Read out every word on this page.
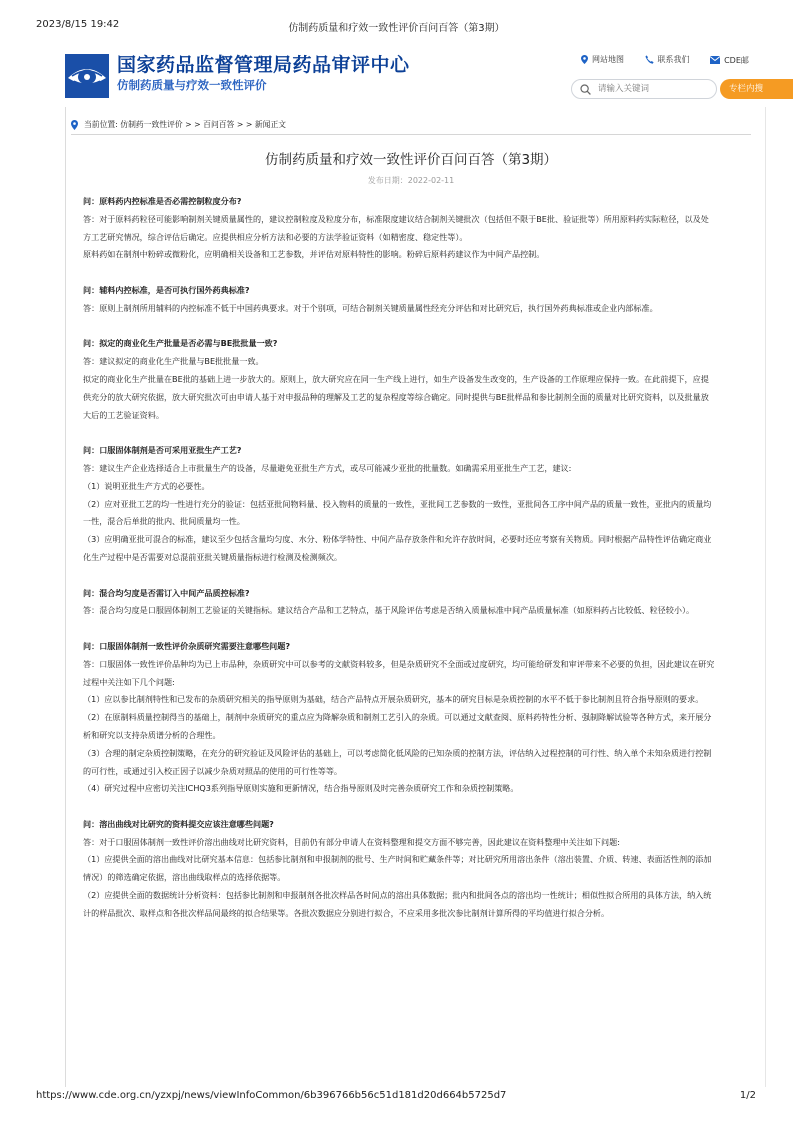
2023/8/15 19:42	仿制药质量和疗效一致性评价百问百答（第3期）
国家药品监督管理局药品审评中心
仿制药质量与疗效一致性评价
网站地图
	联系我们
	CDE邮
请输入关键词
专栏内搜
当前位置: 仿制药一致性评价 > > 百问百答 > > 新闻正文
仿制药质量和疗效一致性评价百问百答（第3期）
发布日期：2022-02-11

问：原料药内控标准是否必需控制粒度分布?

答：对于原料药粒径可能影响制剂关键质量属性的，建议控制粒度及粒度分布，标准限度建议结合制剂关键批次（包括但不限于BE批、验证批等）所用原料药实际粒径，以及处方工艺研究情况，综合评估后确定。应提供相应分析方法和必要的方法学验证资料（如精密度、稳定性等）。

原料药如在制剂中粉碎或微粉化，应明确相关设备和工艺参数，并评估对原料特性的影响。粉碎后原料药建议作为中间产品控制。

问：辅料内控标准，是否可执行国外药典标准?

答：原则上制剂所用辅料的内控标准不低于中国药典要求。对于个别项，可结合制剂关键质量属性经充分评估和对比研究后，执行国外药典标准或企业内部标准。

问：拟定的商业化生产批量是否必需与BE批批量一致?

答：建议拟定的商业化生产批量与BE批批量一致。

拟定的商业化生产批量在BE批的基础上进一步放大的。原则上，放大研究应在同一生产线上进行，如生产设备发生改变的，生产设备的工作原理应保持一致。在此前提下，应提供充分的放大研究依据，放大研究批次可由申请人基于对申报品种的理解及工艺的复杂程度等综合确定。同时提供与BE批样品和参比制剂全面的质量对比研究资料，以及批量放大后的工艺验证资料。

问：口服固体制剂是否可采用亚批生产工艺?

答：建议生产企业选择适合上市批量生产的设备，尽量避免亚批生产方式，或尽可能减少亚批的批量数。如确需采用亚批生产工艺，建议:

（1）说明亚批生产方式的必要性。

（2）应对亚批工艺的均一性进行充分的验证：包括亚批间物料量、投入物料的质量的一致性，亚批间工艺参数的一致性，亚批间各工序中间产品的质量一致性，亚批内的质量均一性，混合后单批的批内、批间质量均一性。

（3）应明确亚批可混合的标准，建议至少包括含量均匀度、水分、粉体学特性、中间产品存放条件和允许存放时间，必要时还应考察有关物质。同时根据产品特性评估确定商业化生产过程中是否需要对总混前亚批关键质量指标进行检测及检测频次。

问：混合均匀度是否需订入中间产品质控标准?

答：混合均匀度是口服固体制剂工艺验证的关键指标。建议结合产品和工艺特点，基于风险评估考虑是否纳入质量标准中间产品质量标准（如原料药占比较低、粒径较小）。

问：口服固体制剂一致性评价杂质研究需要注意哪些问题?

答：口服固体一致性评价品种均为已上市品种，杂质研究中可以参考的文献资料较多，但是杂质研究不全面或过度研究，均可能给研发和审评带来不必要的负担，因此建议在研究过程中关注如下几个问题:

（1）应以参比制剂特性和已发布的杂质研究相关的指导原则为基础，结合产品特点开展杂质研究，基本的研究目标是杂质控制的水平不低于参比制剂且符合指导原则的要求。

（2）在原制料质量控制得当的基础上，制剂中杂质研究的重点应为降解杂质和制剂工艺引入的杂质。可以通过文献查阅、原料药特性分析、强制降解试验等各种方式，来开展分析和研究以支持杂质谱分析的合理性。

（3）合理的制定杂质控制策略，在充分的研究验证及风险评估的基础上，可以考虑简化低风险的已知杂质的控制方法，评估纳入过程控制的可行性、纳入单个未知杂质进行控制的可行性，或通过引入校正因子以减少杂质对照品的使用的可行性等等。

（4）研究过程中应密切关注ICHQ3系列指导原则实施和更新情况，结合指导原则及时完善杂质研究工作和杂质控制策略。

问：溶出曲线对比研究的资料提交应该注意哪些问题?

答：对于口服固体制剂一致性评价溶出曲线对比研究资料，目前仍有部分申请人在资料整理和提交方面不够完善，因此建议在资料整理中关注如下问题:

（1）应提供全面的溶出曲线对比研究基本信息：包括参比制剂和申报制剂的批号、生产时间和贮藏条件等；对比研究所用溶出条件（溶出装置、介质、转速、表面活性剂的添加情况）的筛选确定依据，溶出曲线取样点的选择依据等。

（2）应提供全面的数据统计分析资料：包括参比制剂和申报制剂各批次样品各时间点的溶出具体数据；批内和批间各点的溶出均一性统计；相似性拟合所用的具体方法，纳入统计的样品批次、取样点和各批次样品间最终的拟合结果等。各批次数据应分别进行拟合，不应采用多批次参比制剂计算所得的平均值进行拟合分析。

https://www.cde.org.cn/yzxpj/news/viewInfoCommon/6b396766b56c51d181d20d664b5725d7	1/2
